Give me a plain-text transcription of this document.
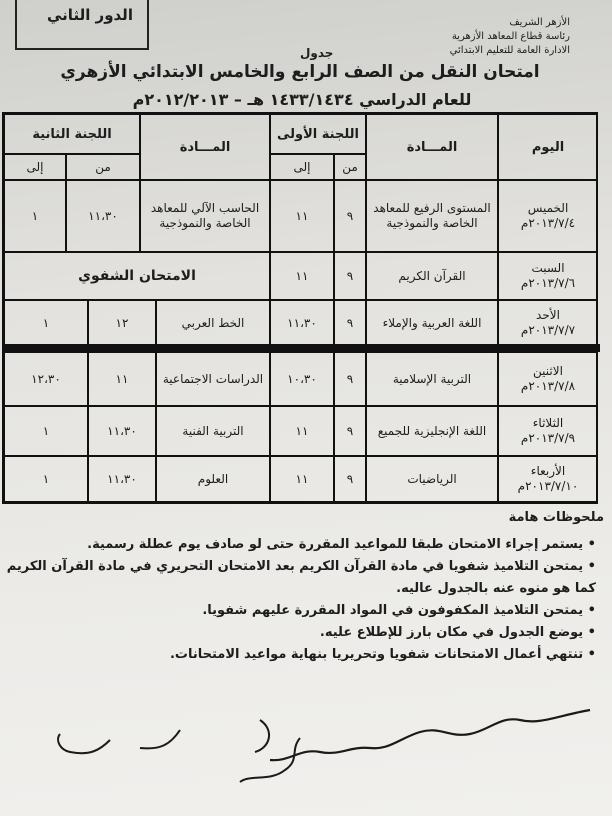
الدور الثاني	الأزهر الشريف
رئاسة قطاع المعاهد الأزهرية
الادارة العامة للتعليم الابتدائي
جدول
امتحان النقل من الصف الرابع والخامس الابتدائي الأزهري
للعام الدراسي ١٤٣٣/١٤٣٤ هـ – ٢٠١٢/٢٠١٣م
اليوم
المـــادة
اللجنة الأولى
من
إلى
المـــادة
اللجنة الثانية
من
إلى
الخميس
٢٠١٣/٧/٤م
المستوى الرفيع للمعاهد الخاصة والنموذجية
٩
١١
الحاسب الآلي للمعاهد الخاصة والنموذجية
١١،٣٠
١
السبت
٢٠١٣/٧/٦م
القرآن الكريم
٩
١١
الامتحان الشفوي
الأحد
٢٠١٣/٧/٧م
اللغة العربية والإملاء
٩
١١،٣٠
الخط العربي
١٢
١
الاثنين
٢٠١٣/٧/٨م
التربية الإسلامية
٩
١٠،٣٠
الدراسات الاجتماعية
١١
١٢،٣٠
الثلاثاء
٢٠١٣/٧/٩م
اللغة الإنجليزية للجميع
٩
١١
التربية الفنية
١١،٣٠
١
الأربعاء
٢٠١٣/٧/١٠م
الرياضيات
٩
١١
العلوم
١١،٣٠
١
ملحوظات هامة
• يستمر إجراء الامتحان طبقا للمواعيد المقررة حتى لو صادف يوم عطلة رسمية.
• يمتحن التلاميذ شفويا في مادة القرآن الكريم بعد الامتحان التحريري في مادة القرآن الكريم كما هو منوه عنه بالجدول عاليه.
• يمتحن التلاميذ المكفوفون في المواد المقررة عليهم شفويا.
• يوضع الجدول في مكان بارز للإطلاع عليه.
• تنتهي أعمال الامتحانات شفويا وتحريريا بنهاية مواعيد الامتحانات.
